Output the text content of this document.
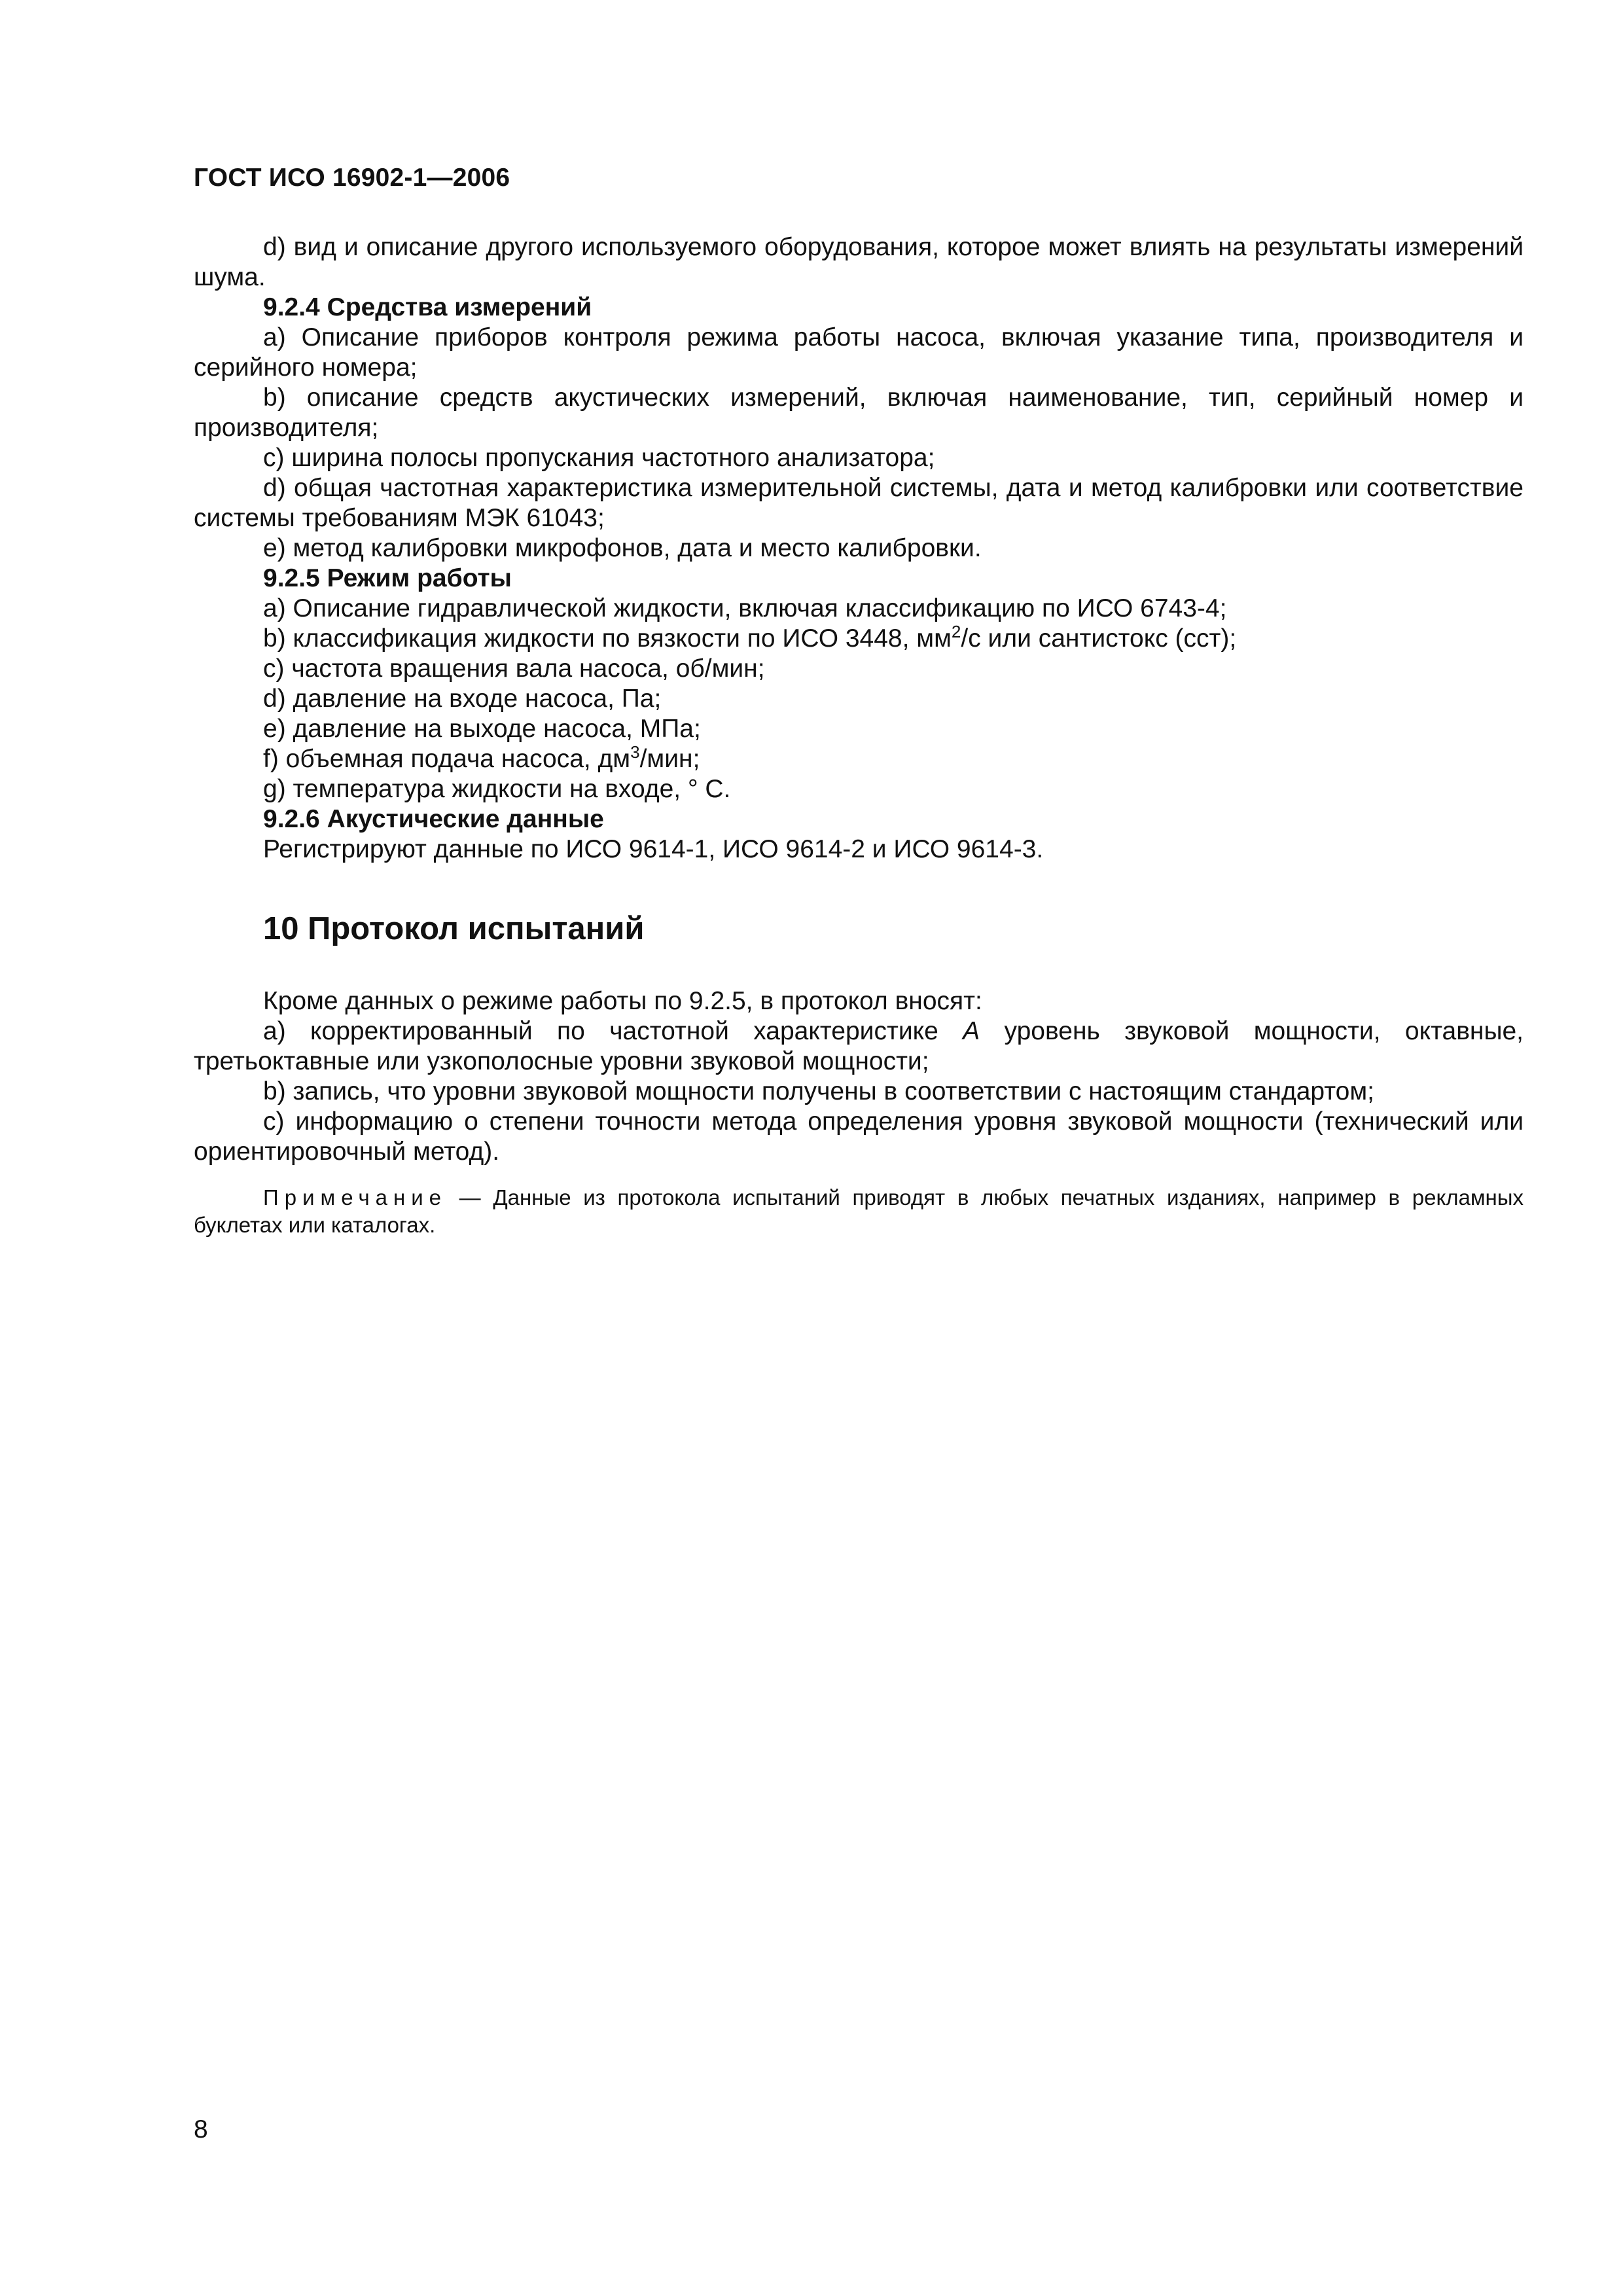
ГОСТ ИСО 16902-1—2006

d) вид и описание другого используемого оборудования, которое может влиять на результаты измерений шума.

9.2.4 Средства измерений

а) Описание приборов контроля режима работы насоса, включая указание типа, производителя и серийного номера;

b) описание средств акустических измерений, включая наименование, тип, серийный номер и производителя;

с) ширина полосы пропускания частотного анализатора;

d) общая частотная характеристика измерительной системы, дата и метод калибровки или соответствие системы требованиям МЭК 61043;

е) метод калибровки микрофонов, дата и место калибровки.

9.2.5 Режим работы

а) Описание гидравлической жидкости, включая классификацию по ИСО 6743-4;

b) классификация жидкости по вязкости по ИСО 3448, $мм^2/с$ или сантистокс (сст);

с) частота вращения вала насоса, об/мин;

d) давление на входе насоса, Па;

е) давление на выходе насоса, МПа;

f) объемная подача насоса, $дм^3$/мин;

g) температура жидкости на входе, ° С.

9.2.6 Акустические данные

Регистрируют данные по ИСО 9614-1, ИСО 9614-2 и ИСО 9614-3.

10 Протокол испытаний

Кроме данных о режиме работы по 9.2.5, в протокол вносят:

а) корректированный по частотной характеристике А уровень звуковой мощности, октавные, третьоктавные или узкополосные уровни звуковой мощности;

b) запись, что уровни звуковой мощности получены в соответствии с настоящим стандартом;

с) информацию о степени точности метода определения уровня звуковой мощности (технический или ориентировочный метод).

Примечание — Данные из протокола испытаний приводят в любых печатных изданиях, например в рекламных буклетах или каталогах.

8
